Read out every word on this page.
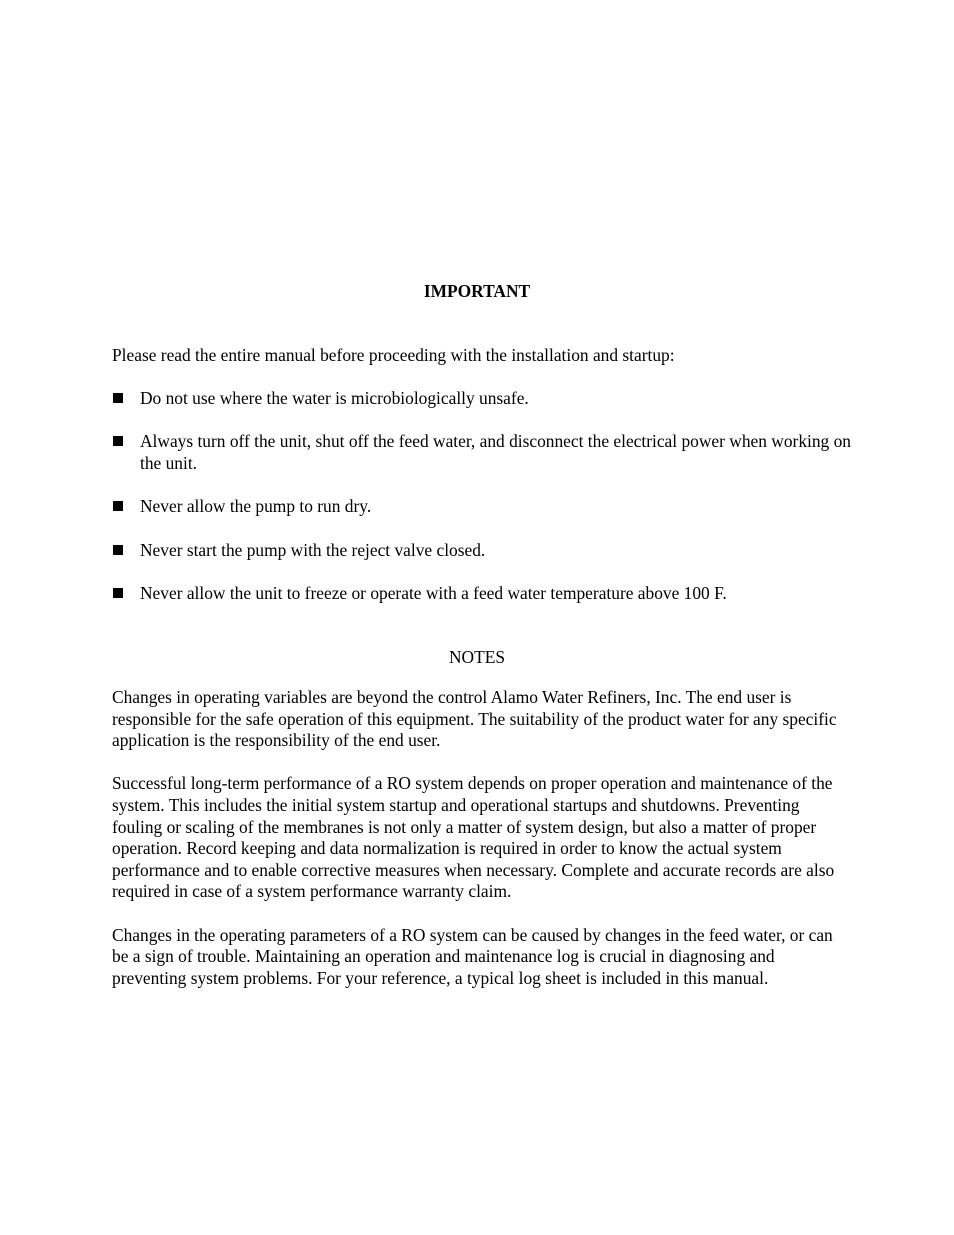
IMPORTANT
Please read the entire manual before proceeding with the installation and startup:
Do not use where the water is microbiologically unsafe.
Always turn off the unit, shut off the feed water, and disconnect the electrical power when working on the unit.
Never allow the pump to run dry.
Never start the pump with the reject valve closed.
Never allow the unit to freeze or operate with a feed water temperature above 100 F.
NOTES

Changes in operating variables are beyond the control Alamo Water Refiners, Inc. The end user is responsible for the safe operation of this equipment. The suitability of the product water for any specific application is the responsibility of the end user.

Successful long-term performance of a RO system depends on proper operation and maintenance of the system. This includes the initial system startup and operational startups and shutdowns. Preventing fouling or scaling of the membranes is not only a matter of system design, but also a matter of proper operation. Record keeping and data normalization is required in order to know the actual system performance and to enable corrective measures when necessary. Complete and accurate records are also required in case of a system performance warranty claim.

Changes in the operating parameters of a RO system can be caused by changes in the feed water, or can be a sign of trouble. Maintaining an operation and maintenance log is crucial in diagnosing and preventing system problems. For your reference, a typical log sheet is included in this manual.
